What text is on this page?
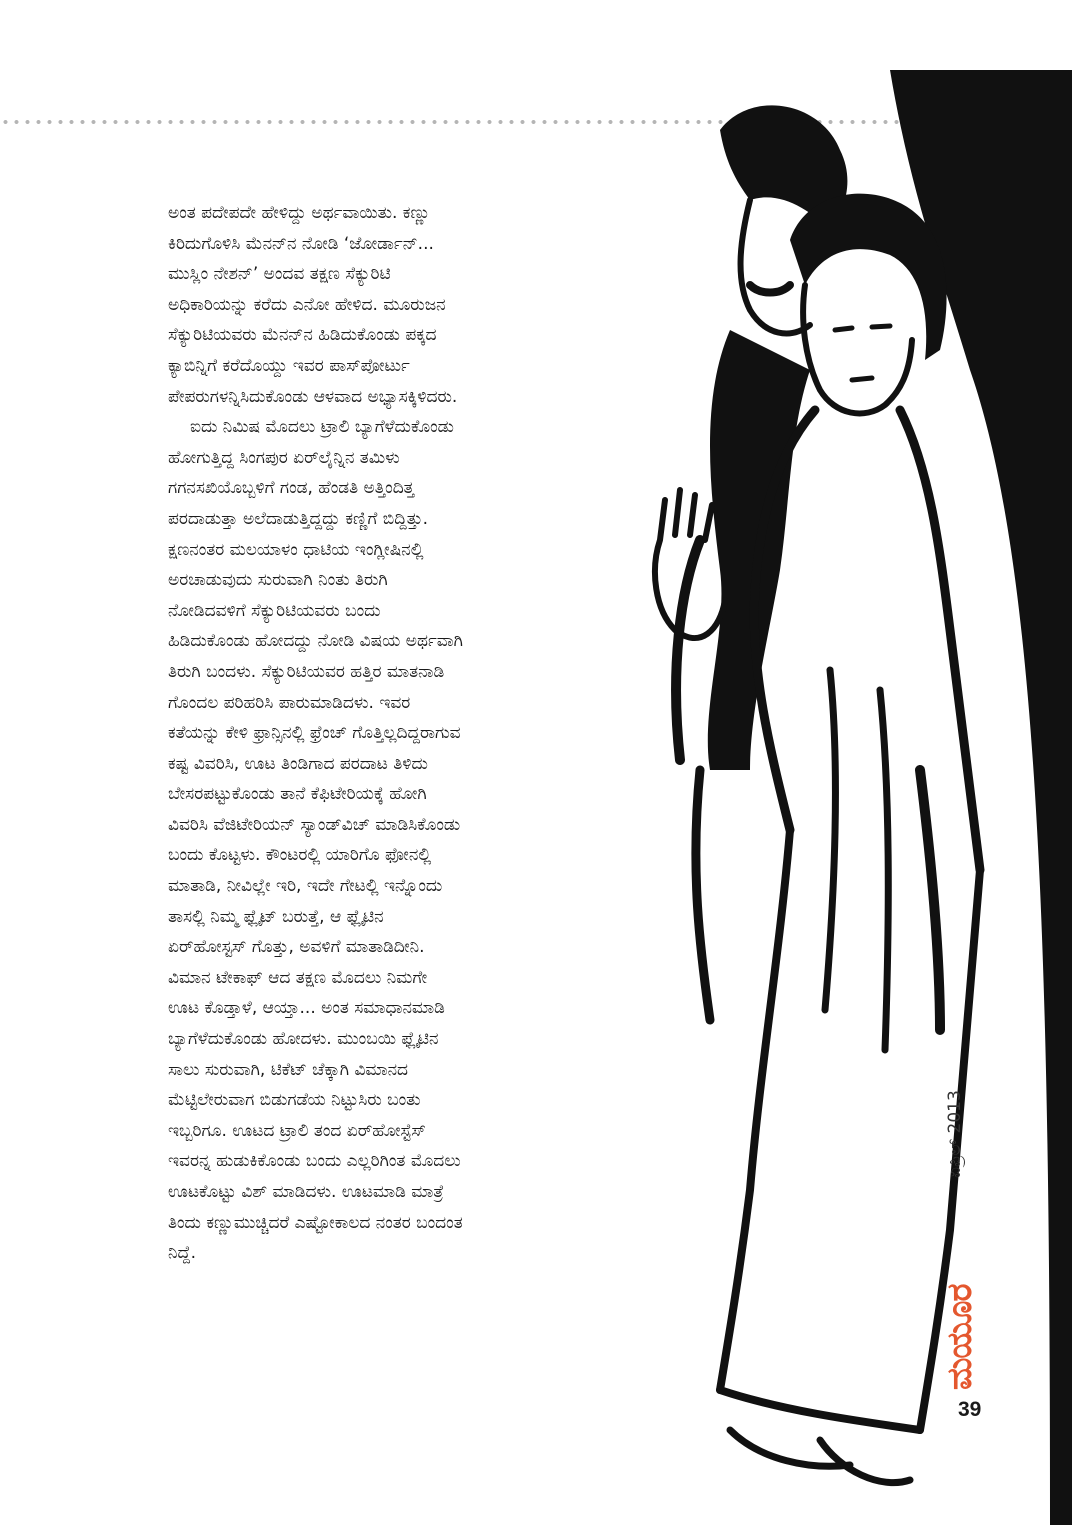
ಅಂತ ಪದೇಪದೇ ಹೇಳಿದ್ದು ಅರ್ಥವಾಯಿತು. ಕಣ್ಣು
ಕಿರಿದುಗೊಳಿಸಿ ಮೆನನ್‌ನ ನೋಡಿ ‘ಜೋರ್ಡಾನ್...
ಮುಸ್ಲಿಂ ನೇಶನ್’ ಅಂದವ ತಕ್ಷಣ ಸೆಕ್ಯುರಿಟಿ
ಅಧಿಕಾರಿಯನ್ನು ಕರೆದು ಎನೋ ಹೇಳಿದ. ಮೂರುಜನ
ಸೆಕ್ಯುರಿಟಿಯವರು ಮೆನನ್‌ನ ಹಿಡಿದುಕೊಂಡು ಪಕ್ಕದ
ಕ್ಯಾಬಿನ್ನಿಗೆ ಕರೆದೊಯ್ದು ಇವರ ಪಾಸ್‌ಪೋರ್ಟು
ಪೇಪರುಗಳನ್ನಿಸಿದುಕೊಂಡು ಆಳವಾದ ಅಭ್ಯಾಸಕ್ಕಿಳಿದರು.
ಐದು ನಿಮಿಷ ಮೊದಲು ಟ್ರಾಲಿ ಬ್ಯಾಗೆಳೆದುಕೊಂಡು
ಹೋಗುತ್ತಿದ್ದ ಸಿಂಗಪುರ ಏರ್‌ಲೈನ್ನಿನ ತಮಿಳು
ಗಗನಸಖಿಯೊಬ್ಬಳಿಗೆ ಗಂಡ, ಹೆಂಡತಿ ಅತ್ತಿಂದಿತ್ತ
ಪರದಾಡುತ್ತಾ ಅಲೆದಾಡುತ್ತಿದ್ದದ್ದು ಕಣ್ಣಿಗೆ ಬಿದ್ದಿತ್ತು.
ಕ್ಷಣನಂತರ ಮಲಯಾಳಂ ಧಾಟಿಯ ಇಂಗ್ಲೀಷಿನಲ್ಲಿ
ಅರಚಾಡುವುದು ಸುರುವಾಗಿ ನಿಂತು ತಿರುಗಿ
ನೋಡಿದವಳಿಗೆ ಸೆಕ್ಯುರಿಟಿಯವರು ಬಂದು
ಹಿಡಿದುಕೊಂಡು ಹೋದದ್ದು ನೋಡಿ ವಿಷಯ ಅರ್ಥವಾಗಿ
ತಿರುಗಿ ಬಂದಳು. ಸೆಕ್ಯುರಿಟಿಯವರ ಹತ್ತಿರ ಮಾತನಾಡಿ
ಗೊಂದಲ ಪರಿಹರಿಸಿ ಪಾರುಮಾಡಿದಳು. ಇವರ
ಕತೆಯನ್ನು ಕೇಳಿ ಫ್ರಾನ್ಸಿನಲ್ಲಿ ಫ್ರೆಂಚ್ ಗೊತ್ತಿಲ್ಲದಿದ್ದರಾಗುವ
ಕಷ್ಟ ವಿವರಿಸಿ, ಊಟ ತಿಂಡಿಗಾದ ಪರದಾಟ ತಿಳಿದು
ಬೇಸರಪಟ್ಟುಕೊಂಡು ತಾನೆ ಕೆಫಿಟೇರಿಯಕ್ಕೆ ಹೋಗಿ
ವಿವರಿಸಿ ವೆಜಿಟೇರಿಯನ್ ಸ್ಯಾಂಡ್‌ವಿಚ್ ಮಾಡಿಸಿಕೊಂಡು
ಬಂದು ಕೊಟ್ಟಳು. ಕೌಂಟರಲ್ಲಿ ಯಾರಿಗೊ ಫೋನಲ್ಲಿ
ಮಾತಾಡಿ, ನೀವಿಲ್ಲೇ ಇರಿ, ಇದೇ ಗೇಟಲ್ಲಿ ಇನ್ನೊಂದು
ತಾಸಲ್ಲಿ ನಿಮ್ಮ ಫ್ಲೈಟ್ ಬರುತ್ತೆ, ಆ ಫ್ಲೈಟಿನ
ಏರ್‌ಹೋಸ್ಟಸ್ ಗೊತ್ತು, ಅವಳಿಗೆ ಮಾತಾಡಿದೀನಿ.
ವಿಮಾನ ಟೇಕಾಫ್ ಆದ ತಕ್ಷಣ ಮೊದಲು ನಿಮಗೇ
ಊಟ ಕೊಡ್ತಾಳೆ, ಆಯ್ತಾ... ಅಂತ ಸಮಾಧಾನಮಾಡಿ
ಬ್ಯಾಗೆಳೆದುಕೊಂಡು ಹೋದಳು. ಮುಂಬಯಿ ಫ್ಲೈಟಿನ
ಸಾಲು ಸುರುವಾಗಿ, ಟಿಕೆಟ್ ಚೆಕ್ಕಾಗಿ ವಿಮಾನದ
ಮೆಟ್ಟಿಲೇರುವಾಗ ಬಿಡುಗಡೆಯ ನಿಟ್ಟುಸಿರು ಬಂತು
ಇಬ್ಬರಿಗೂ. ಊಟದ ಟ್ರಾಲಿ ತಂದ ಏರ್‌ಹೋಸ್ಟೆಸ್
ಇವರನ್ನ ಹುಡುಕಿಕೊಂಡು ಬಂದು ಎಲ್ಲರಿಗಿಂತ ಮೊದಲು
ಊಟಕೊಟ್ಟು ವಿಶ್ ಮಾಡಿದಳು. ಊಟಮಾಡಿ ಮಾತ್ರೆ
ತಿಂದು ಕಣ್ಣುಮುಚ್ಚಿದರೆ ಎಷ್ಟೋಕಾಲದ ನಂತರ ಬಂದಂತ
ನಿದ್ದೆ.
ಏಪ್ರಿಲ್ 2013
ಮಯೂರ
39
